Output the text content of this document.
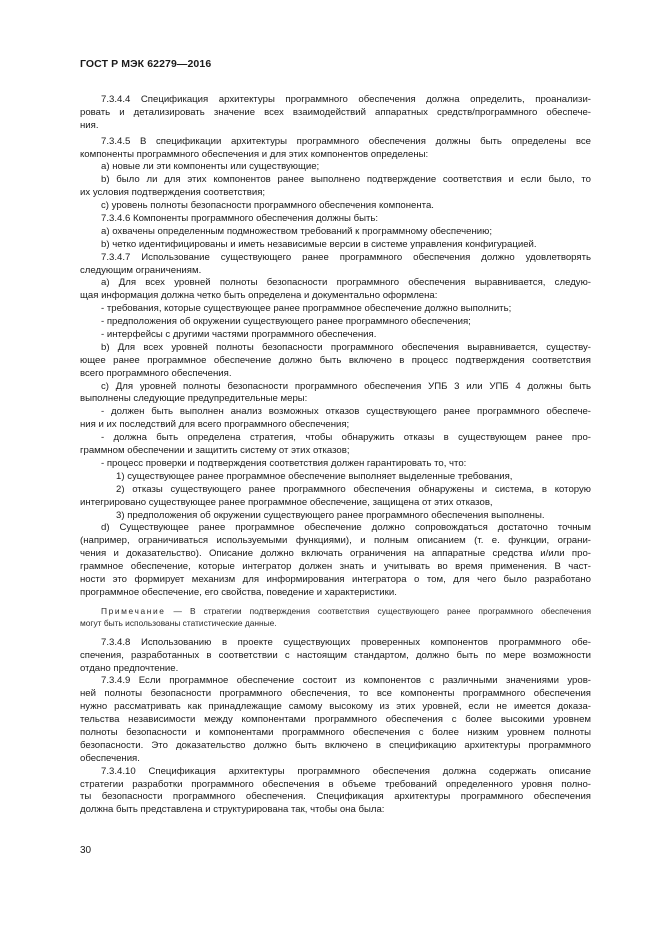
ГОСТ Р МЭК 62279—2016
7.3.4.4 Спецификация архитектуры программного обеспечения должна определить, проанализи-
ровать и детализировать значение всех взаимодействий аппаратных средств/программного обеспече-
ния.
7.3.4.5 В спецификации архитектуры программного обеспечения должны быть определены все
компоненты программного обеспечения и для этих компонентов определены:
a) новые ли эти компоненты или существующие;
b) было ли для этих компонентов ранее выполнено подтверждение соответствия и если было, то
их условия подтверждения соответствия;
c) уровень полноты безопасности программного обеспечения компонента.
7.3.4.6 Компоненты программного обеспечения должны быть:
a) охвачены определенным подмножеством требований к программному обеспечению;
b) четко идентифицированы и иметь независимые версии в системе управления конфигурацией.
7.3.4.7 Использование существующего ранее программного обеспечения должно удовлетворять
следующим ограничениям.
a) Для всех уровней полноты безопасности программного обеспечения выравнивается, следую-
щая информация должна четко быть определена и документально оформлена:
- требования, которые существующее ранее программное обеспечение должно выполнить;
- предположения об окружении существующего ранее программного обеспечения;
- интерфейсы с другими частями программного обеспечения.
b) Для всех уровней полноты безопасности программного обеспечения выравнивается, существу-
ющее ранее программное обеспечение должно быть включено в процесс подтверждения соответствия
всего программного обеспечения.
c) Для уровней полноты безопасности программного обеспечения УПБ 3 или УПБ 4 должны быть
выполнены следующие предупредительные меры:
- должен быть выполнен анализ возможных отказов существующего ранее программного обеспече-
ния и их последствий для всего программного обеспечения;
- должна быть определена стратегия, чтобы обнаружить отказы в существующем ранее про-
граммном обеспечении и защитить систему от этих отказов;
- процесс проверки и подтверждения соответствия должен гарантировать то, что:
1) существующее ранее программное обеспечение выполняет выделенные требования,
2) отказы существующего ранее программного обеспечения обнаружены и система, в которую
интегрировано существующее ранее программное обеспечение, защищена от этих отказов,
3) предположения об окружении существующего ранее программного обеспечения выполнены.
d) Существующее ранее программное обеспечение должно сопровождаться достаточно точным
(например, ограничиваться используемыми функциями), и полным описанием (т. е. функции, ограни-
чения и доказательство). Описание должно включать ограничения на аппаратные средства и/или про-
граммное обеспечение, которые интегратор должен знать и учитывать во время применения. В част-
ности это формирует механизм для информирования интегратора о том, для чего было разработано
программное обеспечение, его свойства, поведение и характеристики.
Примечание — В стратегии подтверждения соответствия существующего ранее программного обеспечения
могут быть использованы статистические данные.
7.3.4.8 Использованию в проекте существующих проверенных компонентов программного обе-
спечения, разработанных в соответствии с настоящим стандартом, должно быть по мере возможности
отдано предпочтение.
7.3.4.9 Если программное обеспечение состоит из компонентов с различными значениями уров-
ней полноты безопасности программного обеспечения, то все компоненты программного обеспечения
нужно рассматривать как принадлежащие самому высокому из этих уровней, если не имеется доказа-
тельства независимости между компонентами программного обеспечения с более высокими уровнем
полноты безопасности и компонентами программного обеспечения с более низким уровнем полноты
безопасности. Это доказательство должно быть включено в спецификацию архитектуры программного
обеспечения.
7.3.4.10 Спецификация архитектуры программного обеспечения должна содержать описание
стратегии разработки программного обеспечения в объеме требований определенного уровня полно-
ты безопасности программного обеспечения. Спецификация архитектуры программного обеспечения
должна быть представлена и структурирована так, чтобы она была:
30
